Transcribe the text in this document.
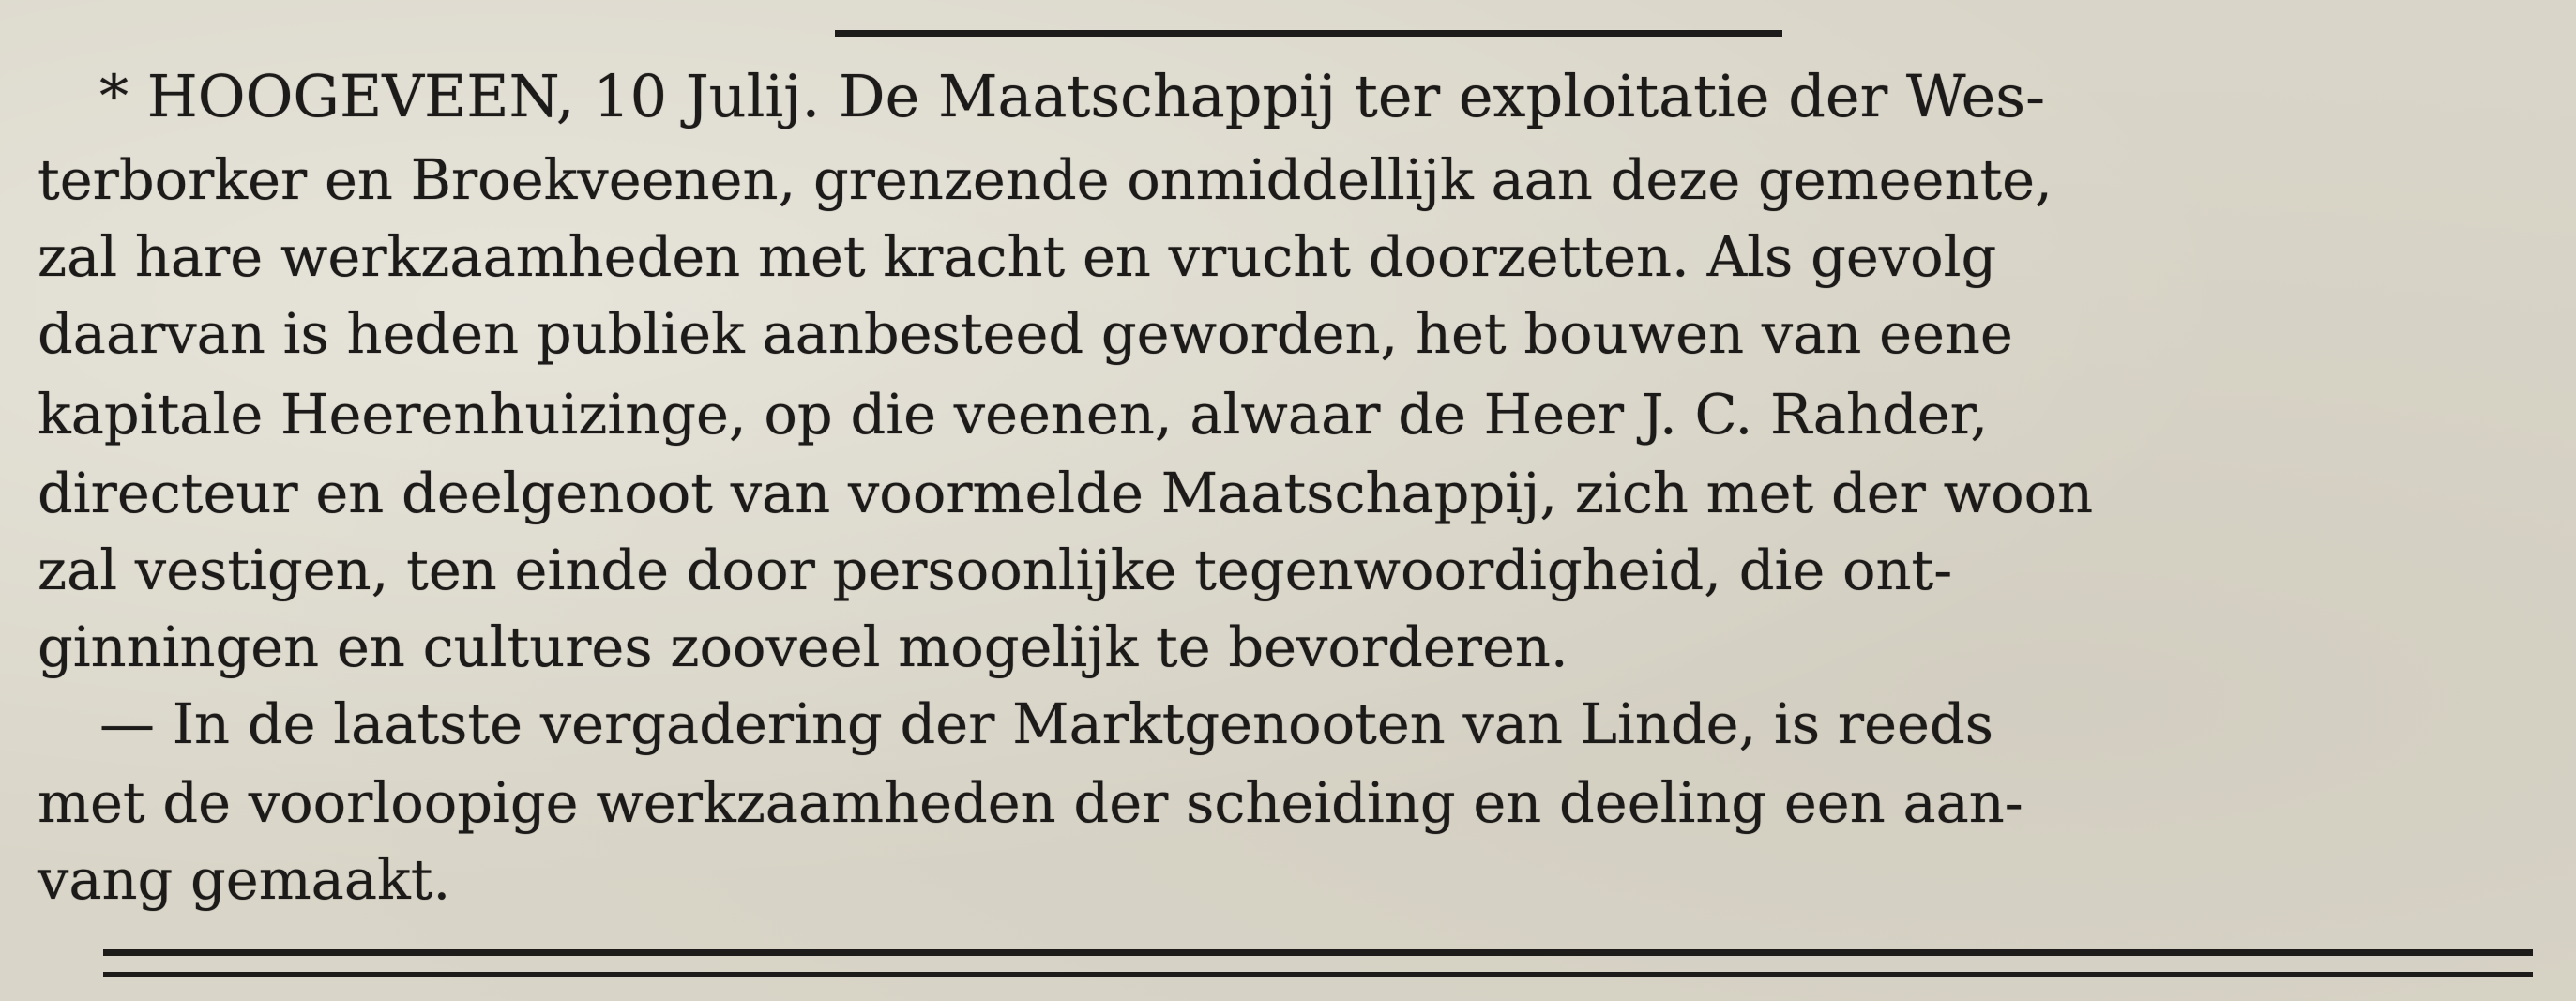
* HOOGEVEEN, 10 Julij. De Maatschappij ter exploitatie der Wes-
terborker en Broekveenen, grenzende onmiddellijk aan deze gemeente,
zal hare werkzaamheden met kracht en vrucht doorzetten. Als gevolg
daarvan is heden publiek aanbesteed geworden, het bouwen van eene
kapitale Heerenhuizinge, op die veenen, alwaar de Heer J. C. Rahder,
directeur en deelgenoot van voormelde Maatschappij, zich met der woon
zal vestigen, ten einde door persoonlijke tegenwoordigheid, die ont-
ginningen en cultures zooveel mogelijk te bevorderen.
— In de laatste vergadering der Marktgenooten van Linde, is reeds
met de voorloopige werkzaamheden der scheiding en deeling een aan-
vang gemaakt.
